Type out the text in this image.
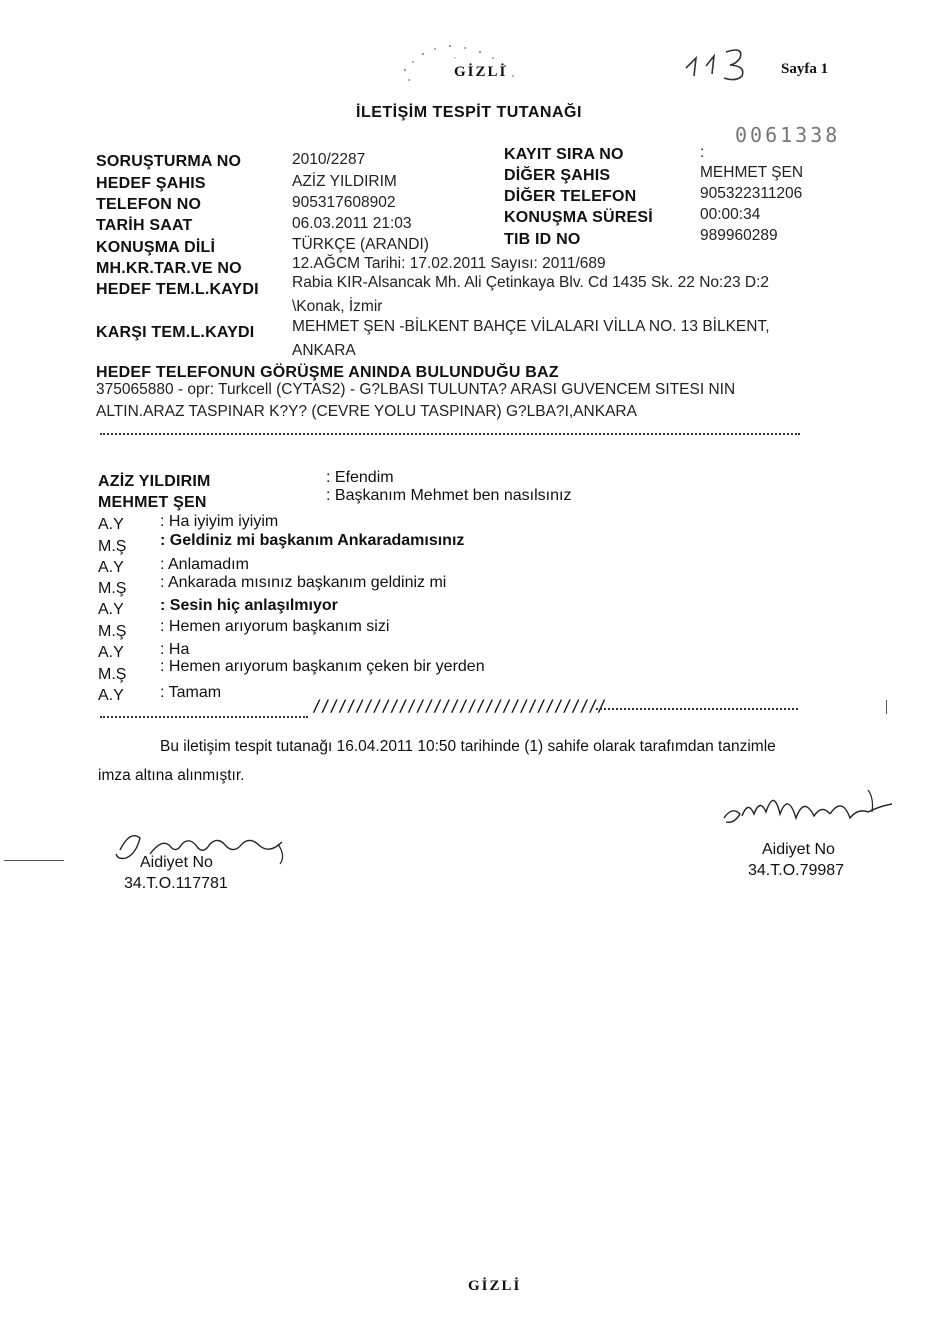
GİZLİ	Sayfa 1
İLETİŞİM TESPİT TUTANAĞI
0061338
SORUŞTURMA NO	2010/2287
HEDEF ŞAHIS	AZİZ YILDIRIM
TELEFON NO	905317608902
TARİH SAAT	06.03.2011 21:03
KONUŞMA DİLİ	TÜRKÇE (ARANDI)
MH.KR.TAR.VE NO	12.AĞCM Tarihi: 17.02.2011 Sayısı: 2011/689
KAYIT SIRA NO	:
DİĞER ŞAHIS	MEHMET ŞEN
DİĞER TELEFON	905322311206
KONUŞMA SÜRESİ	00:00:34
TIB ID NO	989960289
HEDEF TEM.L.KAYDI Rabia KIR-Alsancak Mh. Ali Çetinkaya Blv. Cd 1435 Sk. 22 No:23 D:2
\Konak, İzmir
KARŞI TEM.L.KAYDI MEHMET ŞEN -BİLKENT BAHÇE VİLALARI VİLLA NO. 13 BİLKENT,
ANKARA
HEDEF TELEFONUN GÖRÜŞME ANINDA BULUNDUĞU BAZ
375065880 - opr: Turkcell (CYTAS2) - G?LBASI TULUNTA? ARASI GUVENCEM SITESI NIN
ALTIN.ARAZ TASPINAR K?Y? (CEVRE YOLU TASPINAR) G?LBA?I,ANKARA
AZİZ YILDIRIM	: Efendim
MEHMET ŞEN	: Başkanım Mehmet ben nasılsınız
A.Y : Ha iyiyim iyiyim
M.Ş : Geldiniz mi başkanım Ankaradamısınız
A.Y : Anlamadım
M.Ş : Ankarada mısınız başkanım geldiniz mi
A.Y : Sesin hiç anlaşılmıyor
M.Ş : Hemen arıyorum başkanım sizi
A.Y : Ha
M.Ş : Hemen arıyorum başkanım çeken bir yerden
A.Y : Tamam
//////////////////////////////////
Bu iletişim tespit tutanağı 16.04.2011 10:50 tarihinde (1) sahife olarak tarafımdan tanzimle
imza altına alınmıştır.
Aidiyet No
34.T.O.117781
Aidiyet No
34.T.O.79987
GİZLİ
